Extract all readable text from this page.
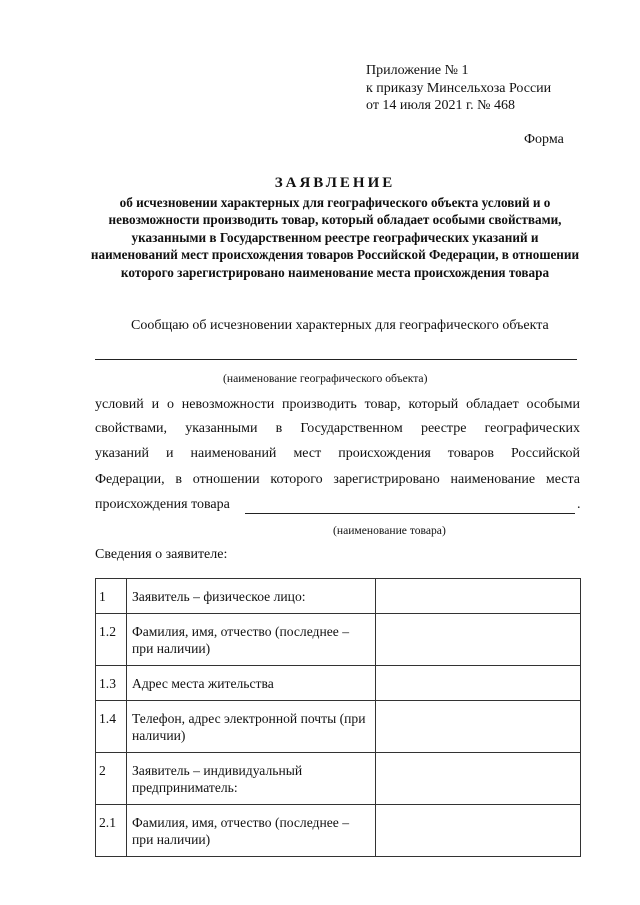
Приложение № 1
к приказу Минсельхоза России
от 14 июля 2021 г. № 468
Форма
ЗАЯВЛЕНИЕ
об исчезновении характерных для географического объекта условий и о невозможности производить товар, который обладает особыми свойствами, указанными в Государственном реестре географических указаний и наименований мест происхождения товаров Российской Федерации, в отношении которого зарегистрировано наименование места происхождения товара
Сообщаю об исчезновении характерных для географического объекта
(наименование географического объекта)
условий и о невозможности производить товар, который обладает особыми
свойствами, указанными в Государственном реестре географических
указаний и наименований мест происхождения товаров Российской
Федерации, в отношении которого зарегистрировано наименование места
происхождения товара	.
(наименование товара)
Сведения о заявителе:
1	Заявитель – физическое лицо:	
1.2	Фамилия, имя, отчество (последнее – при наличии)	
1.3	Адрес места жительства	
1.4	Телефон, адрес электронной почты (при наличии)	
2	Заявитель – индивидуальный предприниматель:	
2.1	Фамилия, имя, отчество (последнее – при наличии)	
